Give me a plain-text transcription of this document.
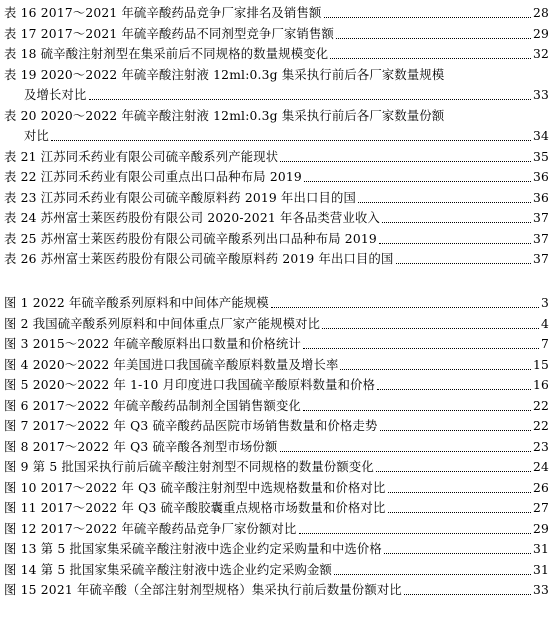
表 16 2017～2021 年硫辛酸药品竞争厂家排名及销售额	28
表 17 2017～2021 年硫辛酸药品不同剂型竞争厂家销售额	29
表 18 硫辛酸注射剂型在集采前后不同规格的数量规模变化	32
表 19 2020～2022 年硫辛酸注射液 12ml:0.3g 集采执行前后各厂家数量规模
及增长对比	33
表 20 2020～2022 年硫辛酸注射液 12ml:0.3g 集采执行前后各厂家数量份额
对比	34
表 21 江苏同禾药业有限公司硫辛酸系列产能现状	35
表 22 江苏同禾药业有限公司重点出口品种布局 2019	36
表 23 江苏同禾药业有限公司硫辛酸原料药 2019 年出口目的国	36
表 24 苏州富士莱医药股份有限公司 2020-2021 年各品类营业收入	37
表 25 苏州富士莱医药股份有限公司硫辛酸系列出口品种布局 2019	37
表 26 苏州富士莱医药股份有限公司硫辛酸原料药 2019 年出口目的国	37
图 1 2022 年硫辛酸系列原料和中间体产能规模	3
图 2 我国硫辛酸系列原料和中间体重点厂家产能规模对比	4
图 3 2015～2022 年硫辛酸原料出口数量和价格统计	7
图 4 2020～2022 年美国进口我国硫辛酸原料数量及增长率	15
图 5 2020～2022 年 1-10 月印度进口我国硫辛酸原料数量和价格	16
图 6 2017～2022 年硫辛酸药品制剂全国销售额变化	22
图 7 2017～2022 年 Q3 硫辛酸药品医院市场销售数量和价格走势	22
图 8 2017～2022 年 Q3 硫辛酸各剂型市场份额	23
图 9 第 5 批国采执行前后硫辛酸注射剂型不同规格的数量份额变化	24
图 10 2017～2022 年 Q3 硫辛酸注射剂型中选规格数量和价格对比	26
图 11 2017～2022 年 Q3 硫辛酸胶囊重点规格市场数量和价格对比	27
图 12 2017～2022 年硫辛酸药品竞争厂家份额对比	29
图 13 第 5 批国家集采硫辛酸注射液中选企业约定采购量和中选价格	31
图 14 第 5 批国家集采硫辛酸注射液中选企业约定采购金额	31
图 15 2021 年硫辛酸（全部注射剂型规格）集采执行前后数量份额对比	33
